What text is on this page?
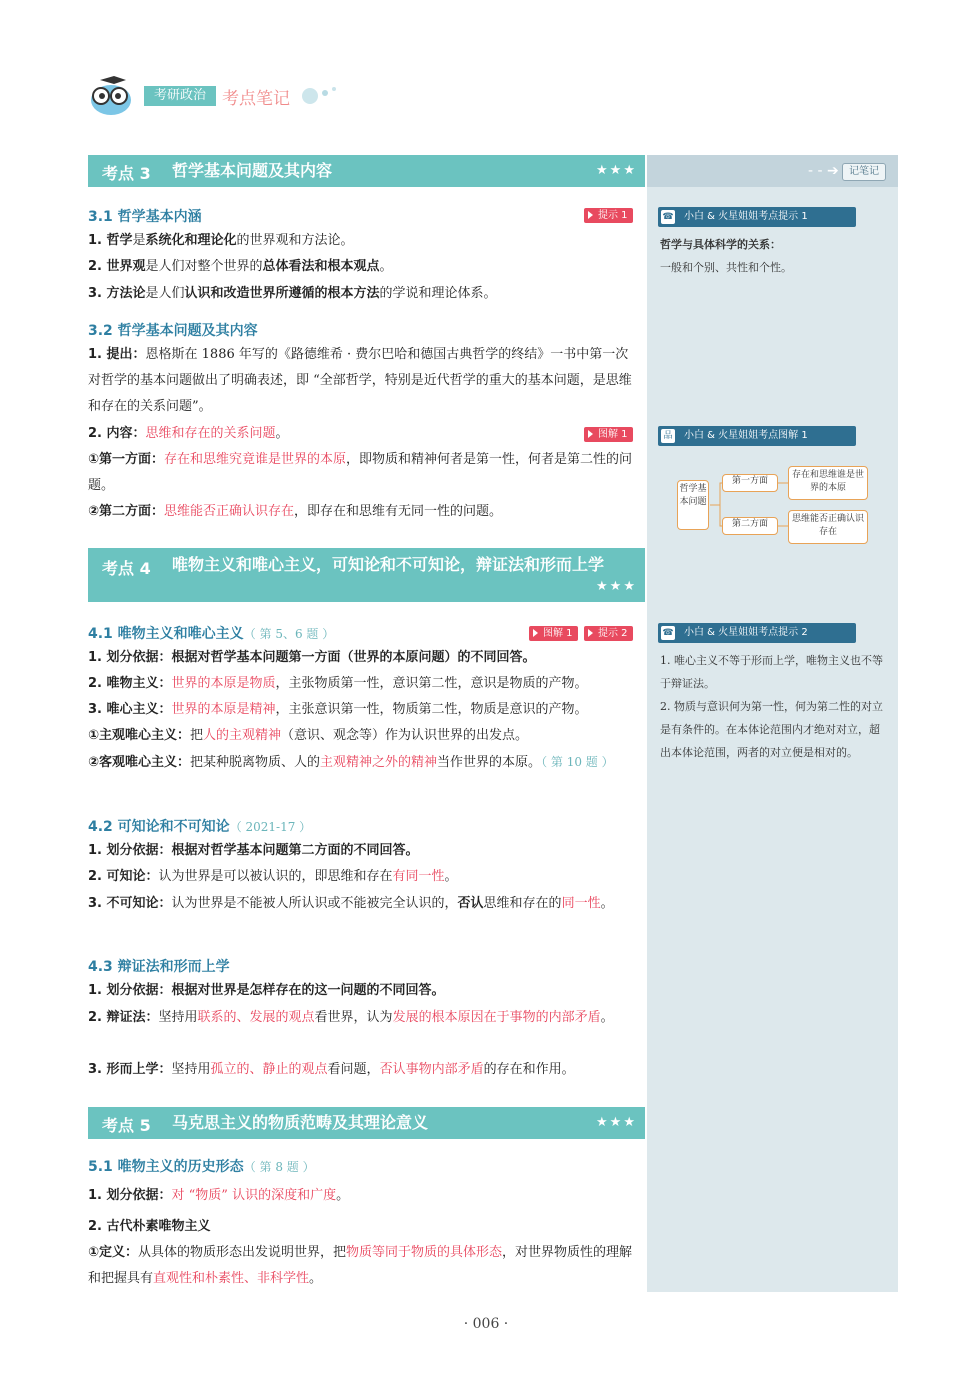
考研政治 考点笔记
- - ➔	记笔记
☎ 小白 & 火星姐姐考点提示 1
哲学与具体科学的关系：
一般和个别、共性和个性。
品 小白 & 火星姐姐考点图解 1
哲学基本问题
第一方面
第二方面
存在和思维谁是世界的本原
思维能否正确认识存在
☎ 小白 & 火星姐姐考点提示 2
1. 唯心主义不等于形而上学，唯物主义也不等于辩证法。
2. 物质与意识何为第一性，何为第二性的对立是有条件的。在本体论范围内才绝对对立，超出本体论范围，两者的对立便是相对的。
考点 3 哲学基本问题及其内容	★★★
3.1 哲学基本内涵	提示 1
1. 哲学是系统化和理论化的世界观和方法论。
2. 世界观是人们对整个世界的总体看法和根本观点。
3. 方法论是人们认识和改造世界所遵循的根本方法的学说和理论体系。
3.2 哲学基本问题及其内容
1. 提出：恩格斯在 1886 年写的《路德维希 · 费尔巴哈和德国古典哲学的终结》一书中第一次对哲学的基本问题做出了明确表述，即 “全部哲学，特别是近代哲学的重大的基本问题，是思维和存在的关系问题”。
2. 内容：思维和存在的关系问题。	图解 1
①第一方面：存在和思维究竟谁是世界的本原，即物质和精神何者是第一性，何者是第二性的问题。
②第二方面：思维能否正确认识存在，即存在和思维有无同一性的问题。
考点 4 唯物主义和唯心主义，可知论和不可知论，辩证法和形而上学
★★★
4.1 唯物主义和唯心主义（ 第 5、6 题 ）	图解 1	提示 2
1. 划分依据：根据对哲学基本问题第一方面（世界的本原问题）的不同回答。
2. 唯物主义：世界的本原是物质，主张物质第一性，意识第二性，意识是物质的产物。
3. 唯心主义：世界的本原是精神，主张意识第一性，物质第二性，物质是意识的产物。
①主观唯心主义：把人的主观精神（意识、观念等）作为认识世界的出发点。
②客观唯心主义：把某种脱离物质、人的主观精神之外的精神当作世界的本原。（ 第 10 题 ）
4.2 可知论和不可知论（ 2021-17 ）
1. 划分依据：根据对哲学基本问题第二方面的不同回答。
2. 可知论：认为世界是可以被认识的，即思维和存在有同一性。
3. 不可知论：认为世界是不能被人所认识或不能被完全认识的，否认思维和存在的同一性。
4.3 辩证法和形而上学
1. 划分依据：根据对世界是怎样存在的这一问题的不同回答。
2. 辩证法：坚持用联系的、发展的观点看世界，认为发展的根本原因在于事物的内部矛盾。
3. 形而上学：坚持用孤立的、静止的观点看问题，否认事物内部矛盾的存在和作用。
考点 5 马克思主义的物质范畴及其理论意义	★★★
5.1 唯物主义的历史形态（ 第 8 题 ）
1. 划分依据：对 “物质” 认识的深度和广度。
2. 古代朴素唯物主义
①定义：从具体的物质形态出发说明世界，把物质等同于物质的具体形态，对世界物质性的理解和把握具有直观性和朴素性、非科学性。
· 006 ·
